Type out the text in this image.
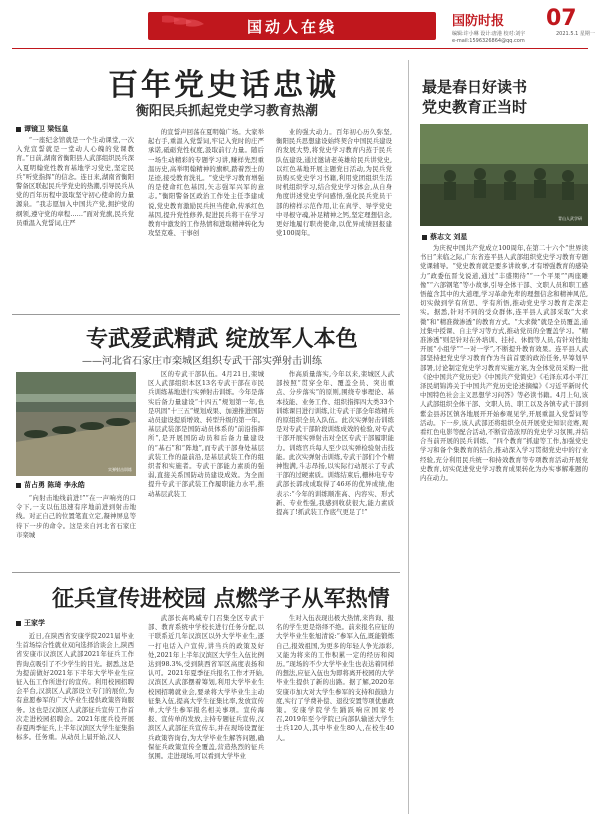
国动人在线	国防时报	07
编辑:许小琳 设计:唐港 校对:刘宇
e-mail:1596326864@qq.com
2021.5.1 星期一
百年党史话忠诚
衡阳民兵抓起党史学习教育热潮
谭镜卫 梁钰皇

“一座纪念馆就是一个生动课堂,一次入党宣誓就是一堂动人心魄的党课教育。”日前,湖南省衡阳县人武部组织民兵深入夏明翰党性教育基地学习党史,坚定民兵“听党指挥”的信念。连日来,湖南省衡阳警备区联起民兵学党史的热潮,引导民兵从党的百年历程中汲取坚守初心使命的力量源泉。“我志愿加入中国共产党,拥护党的纲领,遵守党的章程……”面对党旗,民兵党员重温入党誓词,庄严

的宣誓声回荡在夏明翰广场。大家举起右手,重温入党誓词,牢记入党时的庄严承诺,砥砺党性权度,汲取前行力量。随后一场生动精彩的专题学习讲,赚样先烈重温历史,高举明翰精神的旗帜,踏着烈士的足迹,接受教育洗礼。“党史学习教育增强的是使命红色基因,矢志强军兴军的意志。”衡阳警备区政治工作处主任李建成说,党史教育激励民兵担当使命,传承红色基因,提升党性修养,促进民兵将干在学习教育中激发的工作热情和进取精神转化为攻坚克难、干事创

业的强大动力。百年初心历久弥坚,衡阳民兵思想建设始终契合中国民兵建设的发展大势,将党史学习教育内蒸于民兵队伍建设,通过邀请老英雄给民兵讲党史,以红色基地开展主题党日活动,为民兵党员购买党史学习书籍,利用党团组织生活时机组织学习,结合党史学习体会,从自身角度讲述党史学问感悟,强化民兵党员干部的榜样示范作用,让在真学、导学党史中寻根守魂,补足精神之钙,坚定理想信念,更好地履行职责使命,以优异成绩回报建党100周年。

专武爱武精武 绽放军人本色
——河北省石家庄市栾城区组织专武干部实弹射击训练
实弹射击训练
苗占勇 陈琦 李永皓

“向射击地线前进!”“在一声响亮的口令下,一支以伍迅速有序地前进到射击地线。对正自己的位置笔直立定,凝神屏息等待下一步的命令。这是来自河北省石家庄市栾城

区的专武干部队伍。4月21日,栾城区人武部组织本区13名专武干部在市民兵训练基地进行实弹射击训练。今年是落实后备力量建设“十四五”规划第一年,也是巩固“十三五”规划成果、加速推进国防动员建设提质增效、转型升级的第一年。基层武装部是国防动员体系的“前沿指挥所”,是开展国防动员和后备力量建设的“基石”和“阵地”,而专武干部身处基层武装工作的最前沿,是基层武装工作的组织者和实施者。专武干部能力素质的强弱,直接关系国防动员建设成效。为全面提升专武干部武装工作履职能力水平,推动基层武装工

作高质量落实,今年以来,栾城区人武部按照“贯穿全年、覆盖全员、突出重点、分步落实”的原则,围绕专事理论、基本技能、业务工作、组织指挥四大类33个训练课目进行训练,让专武干部全年练精兵的原组织全员入队伍。此次实弹射击训练是对专武干部阶段训练成效的检验,对专武干部开展实弹射击对全区专武干部履职能力。训练官兵每人至少以实弹检验射击技能。此次实弹射击训练,专武干部们个个精神饱满,斗志昂扬,以实际行动展示了专武干部的过硬素质。训练结束后,栅林电专专武部长郭戌成取得了46环的优异成绩,他表示:“今年的训练顺准高、内容实、形式新、专业性强,我感到收获很大,能力素质提高了!抓武装工作底气更足了!”

征兵宣传进校园 点燃学子从军热情
王家学

近日,在陕西省安康学院2021届毕业生首场综合性就业双向选择洽谈会上,陕西省安康市汉滨区人武部2021年征兵工作咨询点吸引了不少学生的目光。据悉,这是为提前做好2021年下半年大学毕业生应征入伍工作所进行的宣传。利用校园招聘会平台,汉滨区人武部设立专门的展位,为有意愿参军的广大毕业生提供政策咨询服务。这也是汉滨区人武部征兵宣传工作首次走进校园招聘会。2021年度兵役开展春夏两季征兵,上半年汉滨区大学生征集指标多。任务重。从动员上届开始,汉人

武部长高鸣威专门召集全区专武干部、教育系统中学校长进行任务分配,以干联系近几年汉滨区以外大学毕业生,逐一打电话入户宣传,讲当兵的政策及好处,2021年上半年汉滨区大学生入伍比例达到98.3%,受到陕西省军区高度表扬和认可。2021年夏季征兵报名工作才开始,汉滨区人武部摆着筹划,利用大学毕业生校园招聘就业会,要录将大学毕业生主动征集入伍,提高大学生征集比率,发放宣传单,大学生参军报名相关事项。宣传海报、宣传单的发放,主持专题征兵宣传,汉滨区人武部征兵宣传车,并在现场设置征兵政策咨询台,为大学毕业生解答问题,确保征兵政策宣传全覆盖,营造热烈的征兵氛围。走进现场,可以看到大学毕业

生对入伍表现出极大热情,来咨询、报名的学生更是络绎不绝。前来报名应征的大学毕业生张旭清说:“参军入伍,既能锻炼自己,报效祖国,为更多的年轻人争光添彩,又能为将来的工作积累一定的经历和阅历。”现场的不少大学毕业生也表达着同样的想法,应征入伍也为即将离开校园的大学毕业生提供了新的出路。据了解,2020年安康市加大对大学生参军的支持和鼓励力度,实行了学费补偿、退役安置等项优惠政策。安康学院学生踊跃响应国家号召,2019年至今学院已向部队输送大学生士兵120人,其中毕业生80人,在校生40人。

最是春日好读书
党史教育正当时
青山人武学研
蔡志文 刘星

为庆祝中国共产党成立100周年,在第二十六个“世界读书日”来临之际,广东省连平县人武部组织党史学习教育专题党课辅导。“党史教育就是要多讲故事,才有增强教育的感染力”政委伍晋戈说道,通过“丰盛期待”“一个平果”“两座雕像”“六部钢笔”等小故事,引导全体干部、文职人员和职工感悟蕴含其中的大道理,学习革命先辈的理想信念和精神风范,切实做到学有所思、学有所悟,推动党史学习教育走深走实。据悉,针对不同的受众群体,连平县人武部采取“大求微”和“精准微渗透”的教育方式。“大求微”就是全员覆盖,通过集中授课、自主学习等方式,推动党员的全覆盖学习。“精准渗透”则是针对在外培训、挂村、休假等人员,有针对性地开展“小组学”“一对一学”,不断提升教育效果。连平县人武部坚持把党史学习教育作为当前首要的政治任务,早筹划早部署,讨论制定党史学习教育实施方案,为全体党员采购一批《论中国共产党历史》《中国共产党简史》《毛泽东邓小平江泽民胡锦涛关于中国共产党历史论述摘编》《习近平新时代中国特色社会主义思想学习问答》等必读书籍。4月上旬,该人武部组织全体干部、文职人员、职工以及各镇专武干部到紫金县苏区镇各地展开开始参观见学,开展重温入党誓词等活动。下一步,该人武部还将组织全员开展党史知识竞赛,观看红色电影等配合活动,不断营造浓厚的党史学习氛围,并结合当前开展的民兵训练、“四个教育”抓建等工作,加强党史学习和备个集教育的结合,推动深入学习贯彻党史中的行业经验,充分利用民兵统一和持效教育等专项教育活动开展党史教育,切实促进党史学习教育成果转化为办实事解难题的内在动力。
